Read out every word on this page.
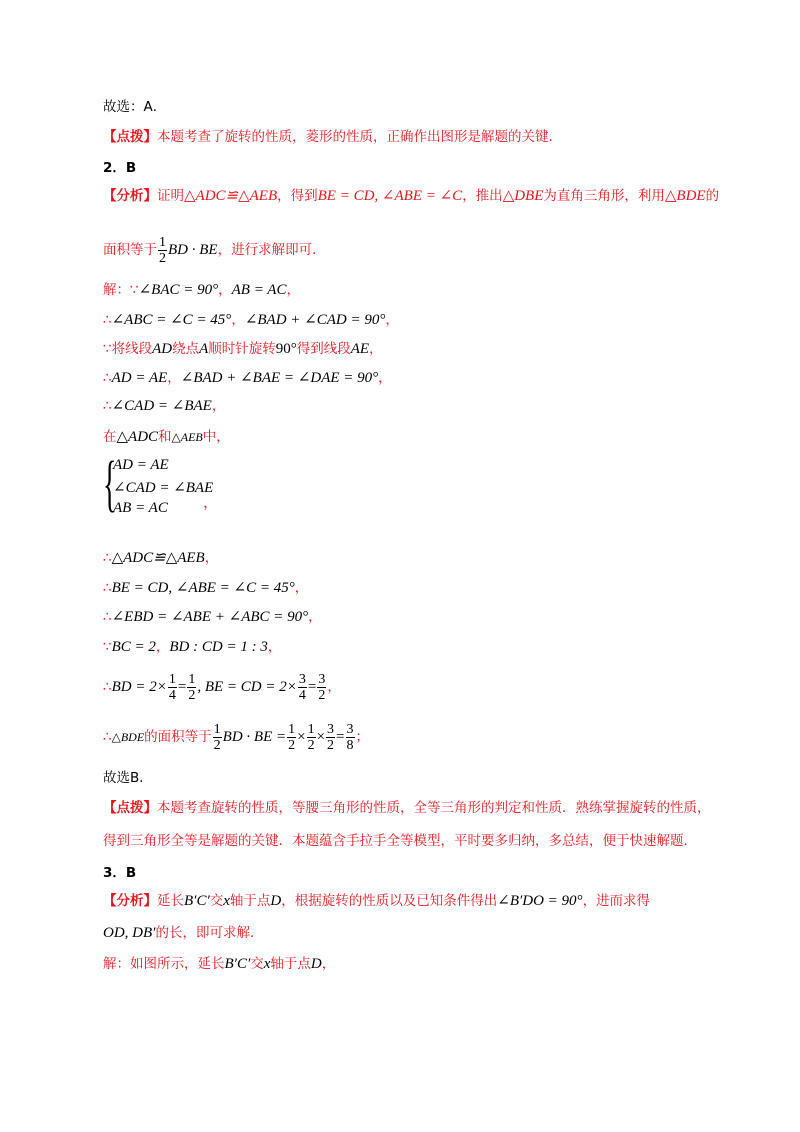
故选：A．
【点拨】本题考查了旋转的性质，菱形的性质，正确作出图形是解题的关键．
2．B
【分析】证明△ADC≌△AEB，得到BE = CD, ∠ABE = ∠C，推出△DBE为直角三角形，利用△BDE的
面积等于 $\frac{1}{2}$ BD · BE，进行求解即可．
解：∵∠BAC = 90°，AB = AC，
∴∠ABC = ∠C = 45°，∠BAD + ∠CAD = 90°，
∵将线段AD绕点A顺时针旋转90°得到线段AE，
∴AD = AE，∠BAD + ∠BAE = ∠DAE = 90°，
∴∠CAD = ∠BAE，
在△ADC和△AEB中，
{
AD = AE
∠CAD = ∠BAE
AB = AC ，
∴△ADC≌△AEB，
∴BE = CD, ∠ABE = ∠C = 45°，
∴∠EBD = ∠ABE + ∠ABC = 90°，
∵BC = 2，BD : CD = 1 : 3，
∴BD = $2\times \frac{1}{4} = \frac{1}{2}$ , BE = CD = $2\times \frac{3}{4} = \frac{3}{2}$ ，
∴△BDE的面积等于 $\frac{1}{2}$ BD · BE = $\frac{1}{2} \times \frac{1}{2} \times \frac{3}{2} = \frac{3}{8}$ ；
故选B．
【点拨】本题考查旋转的性质，等腰三角形的性质，全等三角形的判定和性质．熟练掌握旋转的性质，
得到三角形全等是解题的关键．本题蕴含手拉手全等模型，平时要多归纳，多总结，便于快速解题．
3．B
【分析】延长B′C′交x轴于点D，根据旋转的性质以及已知条件得出∠B′DO = 90°，进而求得
OD, DB′的长，即可求解．
解：如图所示，延长B′C′交x轴于点D，
